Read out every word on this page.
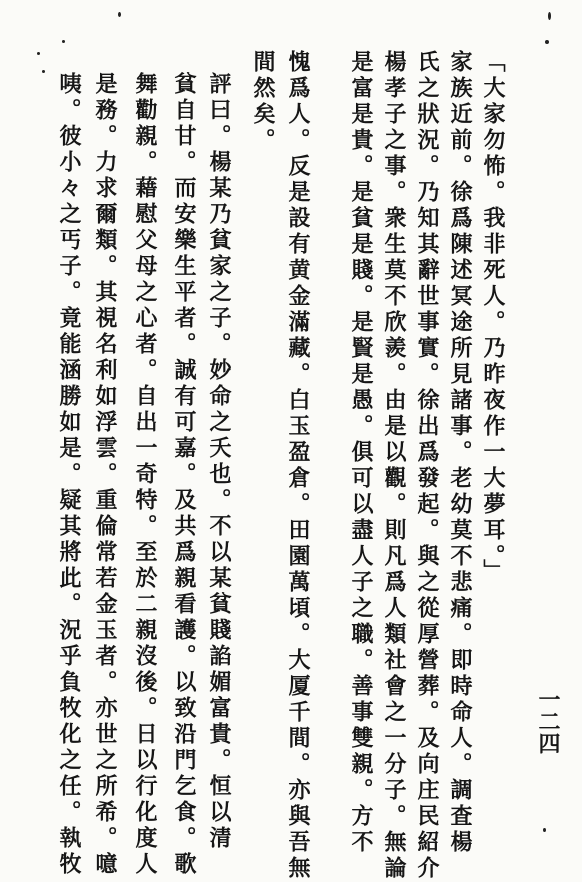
「大家勿怖。我非死人。乃昨夜作一大夢耳。」
家族近前。徐爲陳述冥途所見諸事。老幼莫不悲痛。即時命人。調査楊
氏之狀況。乃知其辭世事實。徐出爲發起。與之從厚營葬。及向庄民紹介
楊孝子之事。衆生莫不欣羨。由是以觀。則凡爲人類社會之一分子。無論
是富是貴。是貧是賤。是賢是愚。俱可以盡人子之職。善事雙親。方不
愧爲人。反是設有黄金滿藏。白玉盈倉。田園萬頃。大厦千間。亦與吾無
間然矣。
評曰。楊某乃貧家之子。妙命之夭也。不以某貧賤諂媚富貴。恒以清
貧自甘。而安樂生平者。誠有可嘉。及共爲親看護。以致沿門乞食。歌
舞勸親。藉慰父母之心者。自出一奇特。至於二親沒後。日以行化度人
是務。力求爾類。其視名利如浮雲。重倫常若金玉者。亦世之所希。噫
咦。彼小々之丐子。竟能涵勝如是。疑其將此。況乎負牧化之任。執牧	一二四
